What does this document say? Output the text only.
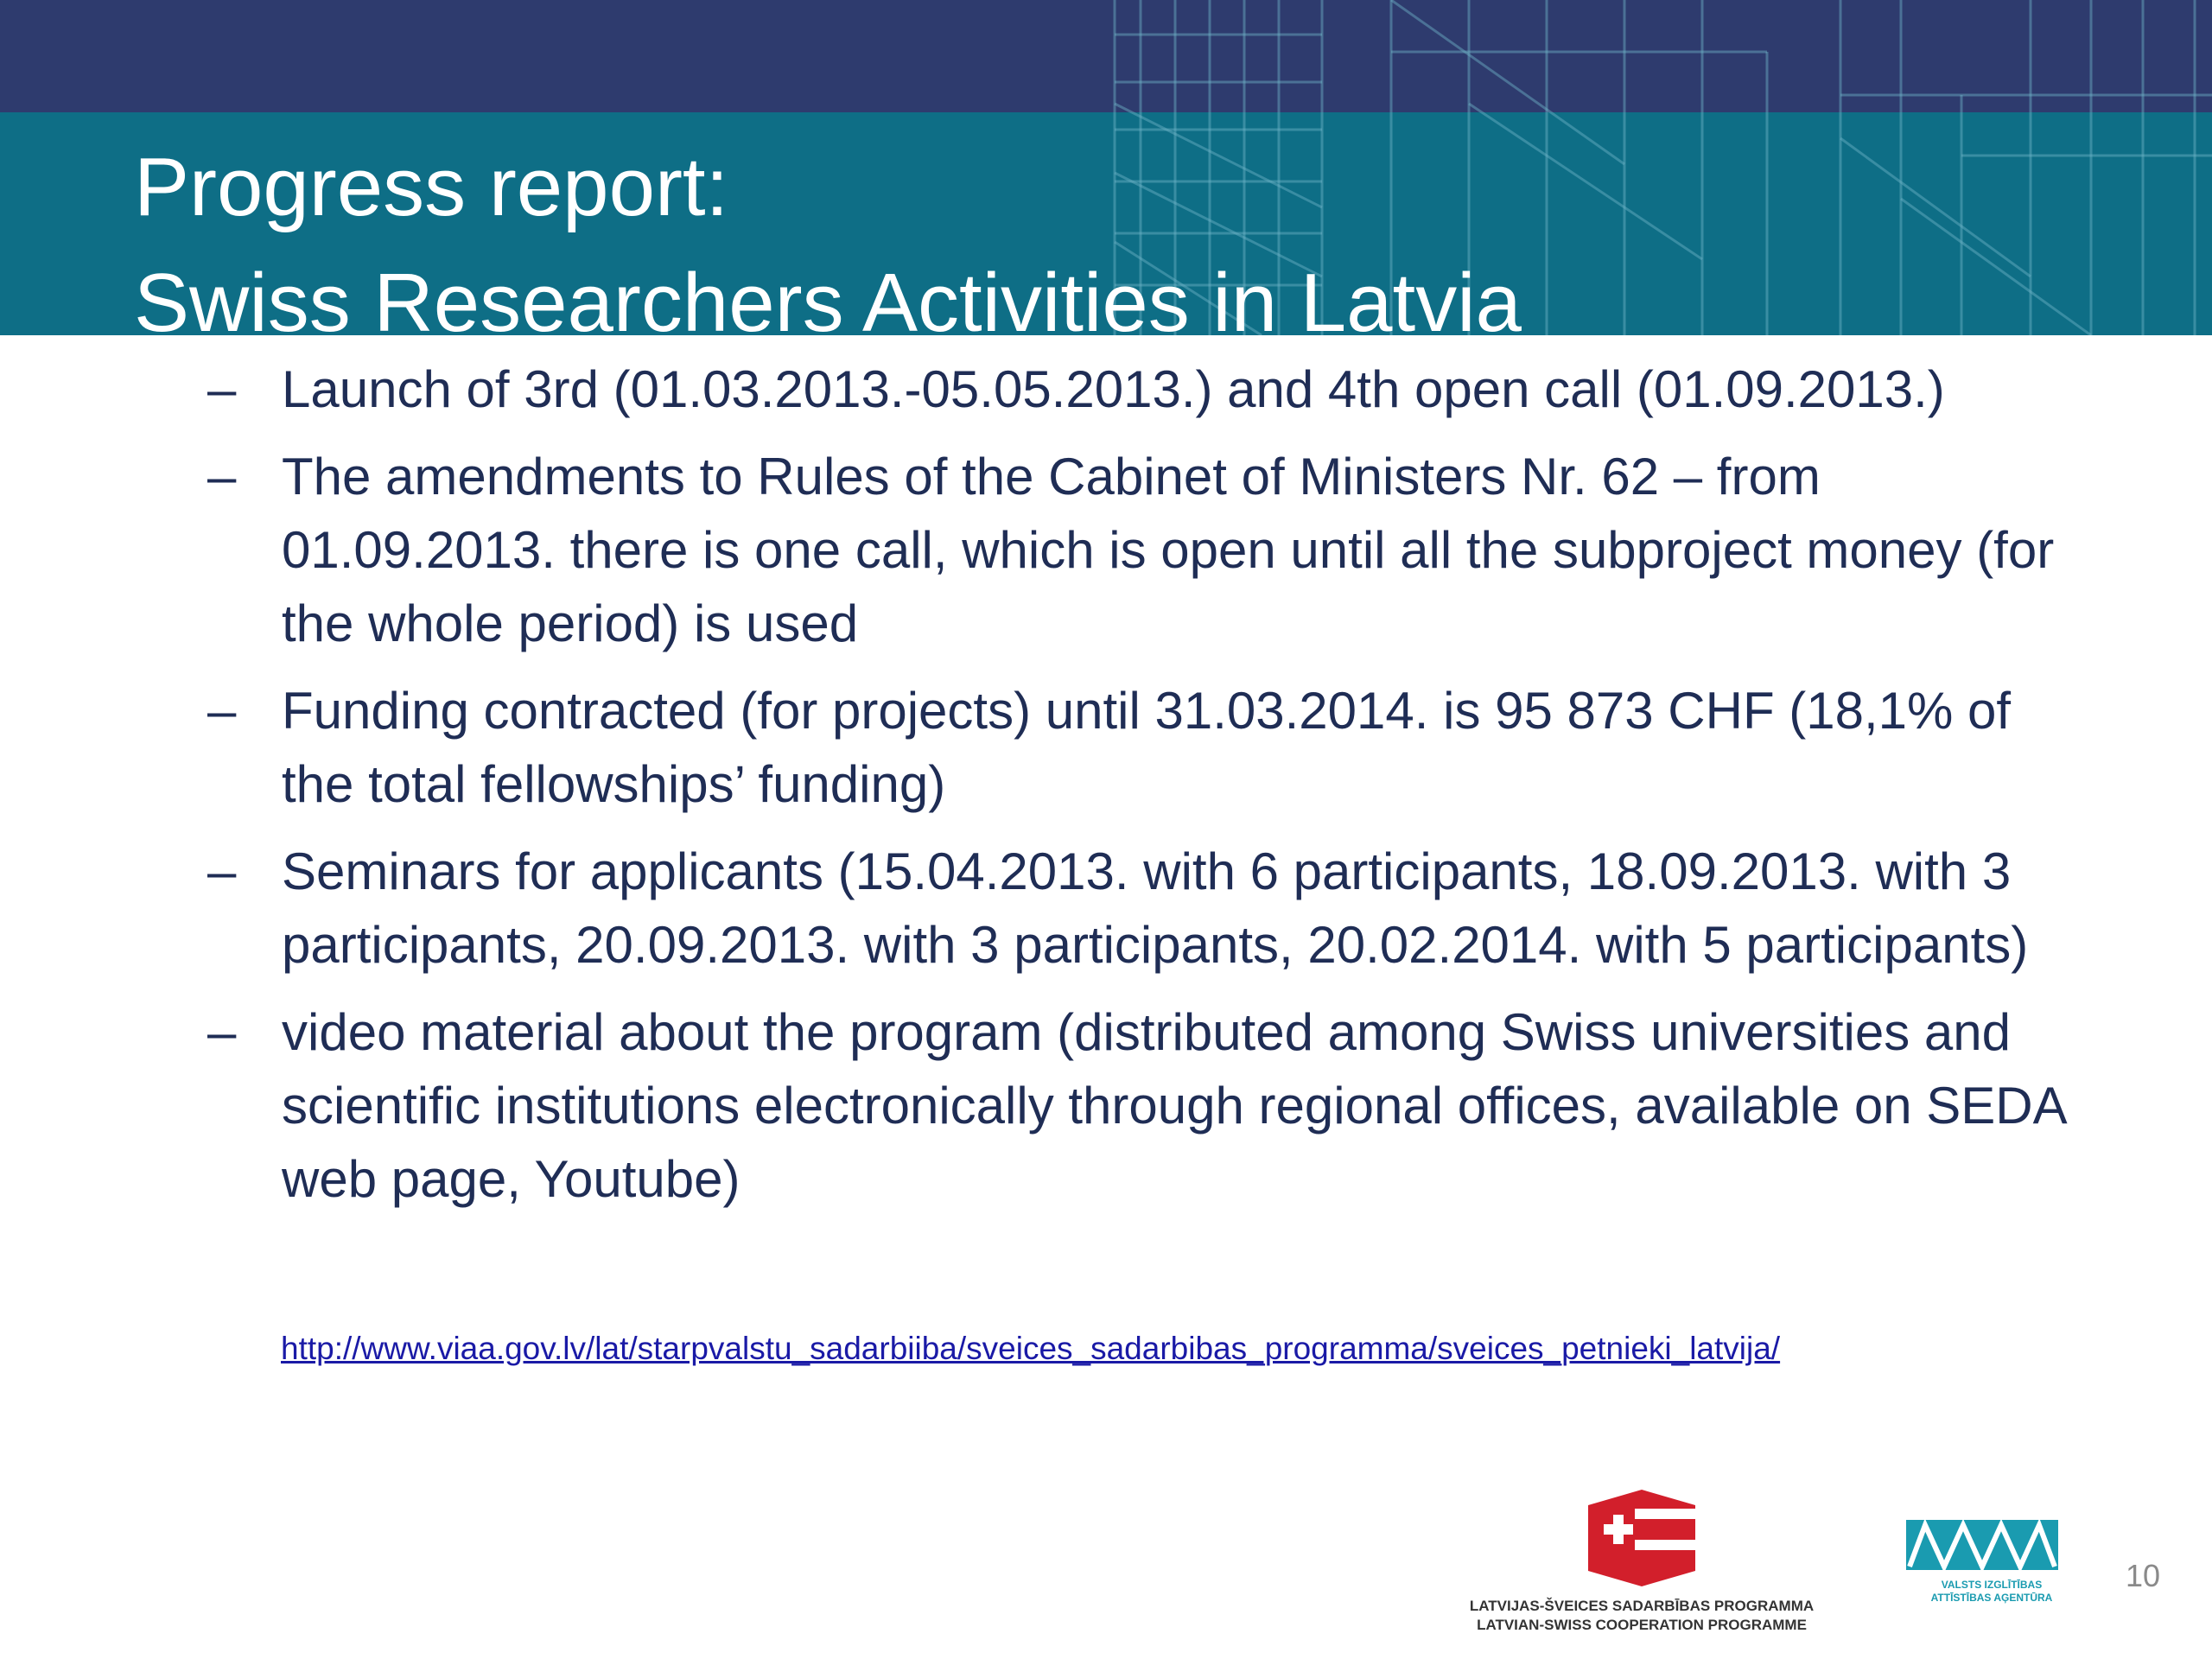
Progress report:
Swiss Researchers Activities in Latvia
– Launch of 3rd (01.03.2013.-05.05.2013.) and 4th open call (01.09.2013.)
– The amendments to Rules of the Cabinet of Ministers Nr. 62 – from 01.09.2013. there is one call, which is open until all the subproject money (for the whole period) is used
– Funding contracted (for projects) until 31.03.2014. is 95 873 CHF (18,1% of the total fellowships’ funding)
– Seminars for applicants (15.04.2013. with 6 participants, 18.09.2013. with 3 participants, 20.09.2013. with 3 participants, 20.02.2014. with 5 participants)
– video material about the program (distributed among Swiss universities and scientific institutions electronically through regional offices, available on SEDA web page, Youtube)
http://www.viaa.gov.lv/lat/starpvalstu_sadarbiiba/sveices_sadarbibas_programma/sveices_petnieki_latvija/
LATVIJAS-ŠVEICES SADARBĪBAS PROGRAMMA
LATVIAN-SWISS COOPERATION PROGRAMME
VALSTS IZGLĪTĪBAS
ATTĪSTĪBAS AĢENTŪRA
10
